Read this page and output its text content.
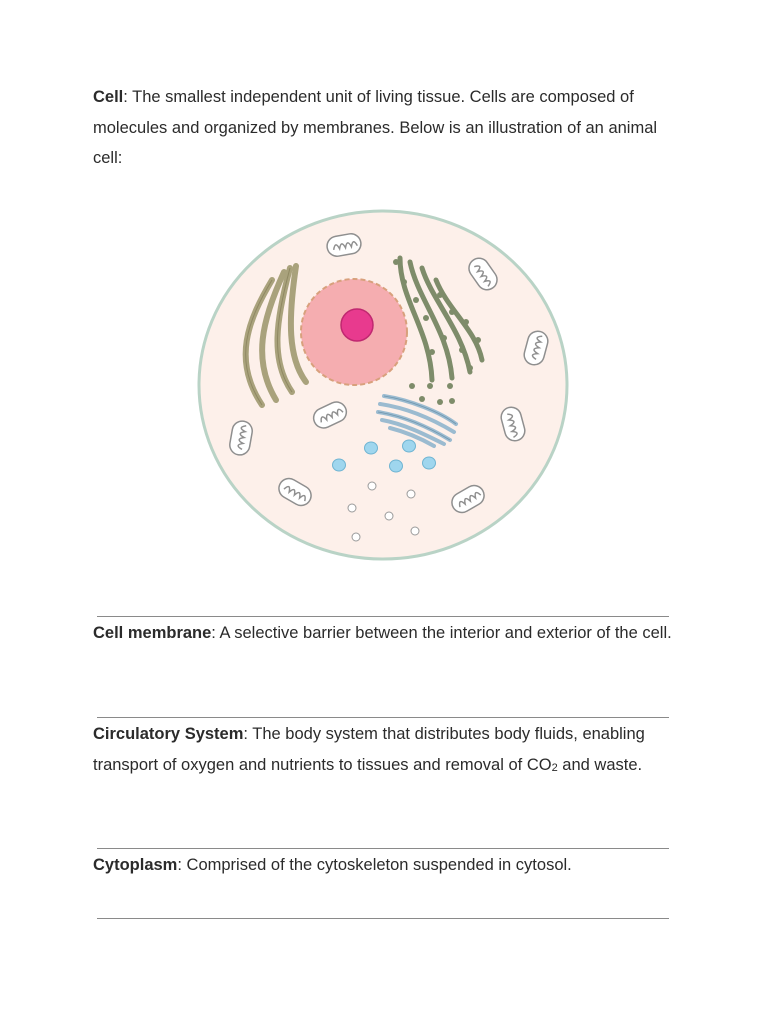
Cell: The smallest independent unit of living tissue. Cells are composed of molecules and organized by membranes. Below is an illustration of an animal cell:
Cell membrane: A selective barrier between the interior and exterior of the cell.
Circulatory System: The body system that distributes body fluids, enabling transport of oxygen and nutrients to tissues and removal of $CO_2$ and waste.
Cytoplasm: Comprised of the cytoskeleton suspended in cytosol.
